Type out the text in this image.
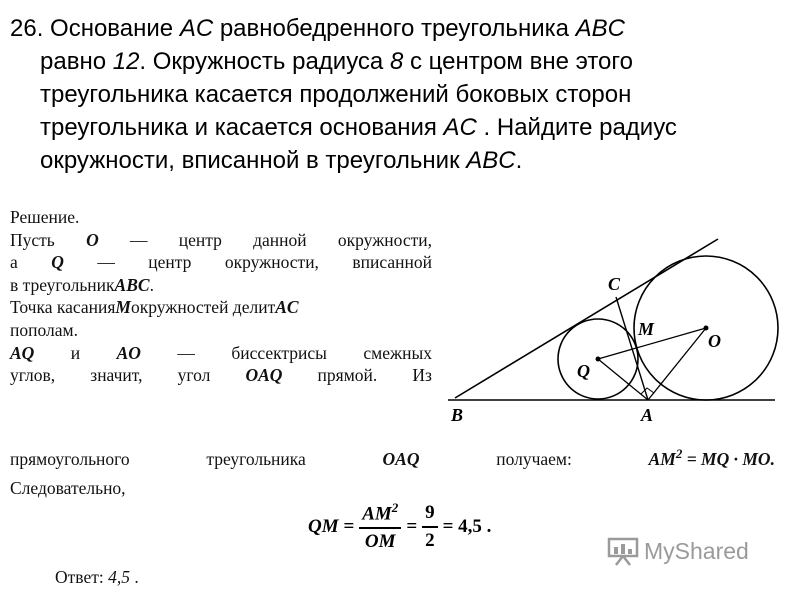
26. Основание AC равнобедренного треугольника ABC
равно 12. Окружность радиуса 8 с центром вне этого
треугольника касается продолжений боковых сторон
треугольника и касается основания AC . Найдите радиус
окружности, вписанной в треугольник ABC.
Решение.
Пусть O — центр данной окружности,
а Q — центр окружности, вписанной
в треугольник ABC .
Точка касания M окружностей делит AC
пополам.
AQ и AO — биссектрисы смежных
углов, значит, угол OAQ прямой. Из
прямоугольного	треугольника	OAQ	получаем:	$AM^2$ = MQ · MO.
Следовательно,
QM = $\frac{AM^2}{OM} = \frac{9}{2} = 4,5$ .
Ответ: 4,5 .
B	A
C
M
O
Q
MyShared
